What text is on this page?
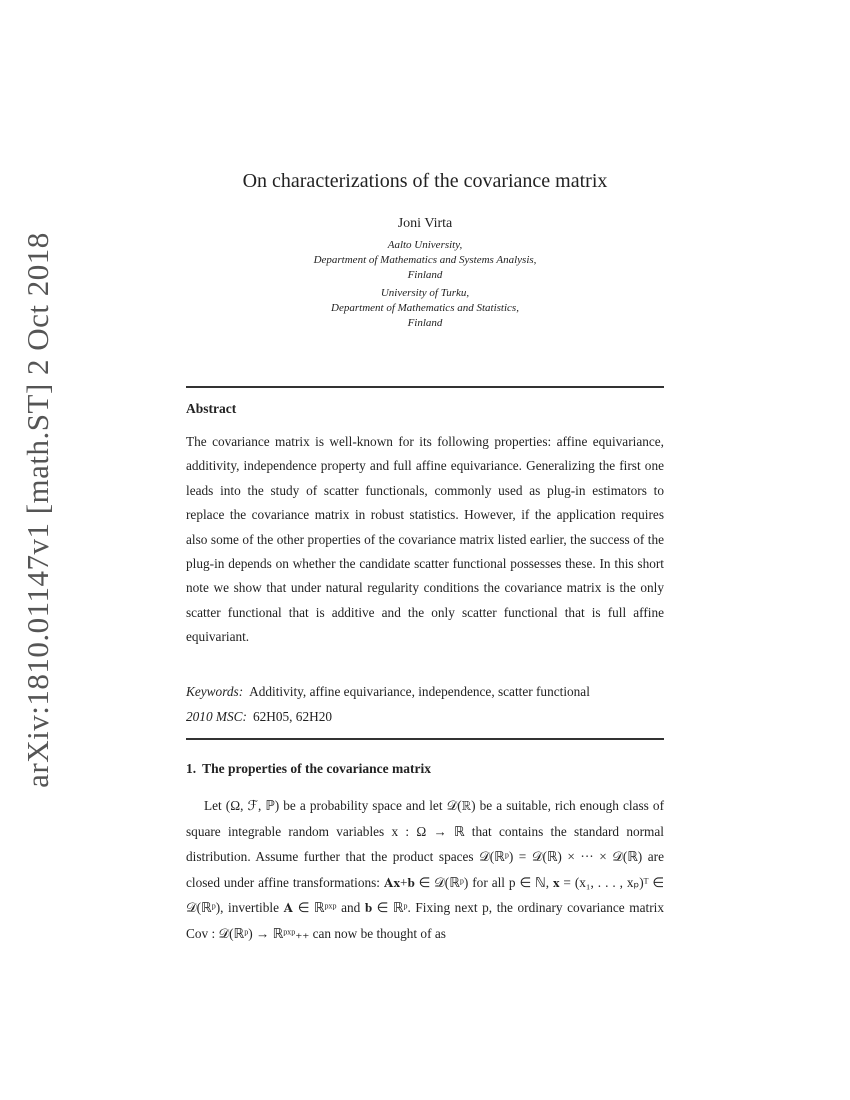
arXiv:1810.01147v1 [math.ST] 2 Oct 2018
On characterizations of the covariance matrix
Joni Virta
Aalto University,
Department of Mathematics and Systems Analysis,
Finland
University of Turku,
Department of Mathematics and Statistics,
Finland
Abstract

The covariance matrix is well-known for its following properties: affine equivariance, additivity, independence property and full affine equivariance. Generalizing the first one leads into the study of scatter functionals, commonly used as plug-in estimators to replace the covariance matrix in robust statistics. However, if the application requires also some of the other properties of the covariance matrix listed earlier, the success of the plug-in depends on whether the candidate scatter functional possesses these. In this short note we show that under natural regularity conditions the covariance matrix is the only scatter functional that is additive and the only scatter functional that is full affine equivariant.

Keywords: Additivity, affine equivariance, independence, scatter functional
2010 MSC: 62H05, 62H20
1. The properties of the covariance matrix

Let (Ω, ℱ, ℙ) be a probability space and let 𝒟(ℝ) be a suitable, rich enough class of square integrable random variables x : Ω → ℝ that contains the standard normal distribution. Assume further that the product spaces 𝒟(ℝᵖ) = 𝒟(ℝ) × ··· × 𝒟(ℝ) are closed under affine transformations: 𝐀𝐱+𝐛 ∈ 𝒟(ℝᵖ) for all p ∈ ℕ, 𝐱 = (x₁, . . . , xₚ)ᵀ ∈ 𝒟(ℝᵖ), invertible 𝐀 ∈ ℝᵖˣᵖ and 𝐛 ∈ ℝᵖ. Fixing next p, the ordinary covariance matrix Cov : 𝒟(ℝᵖ) → ℝᵖˣᵖ₊₊ can now be thought of as
